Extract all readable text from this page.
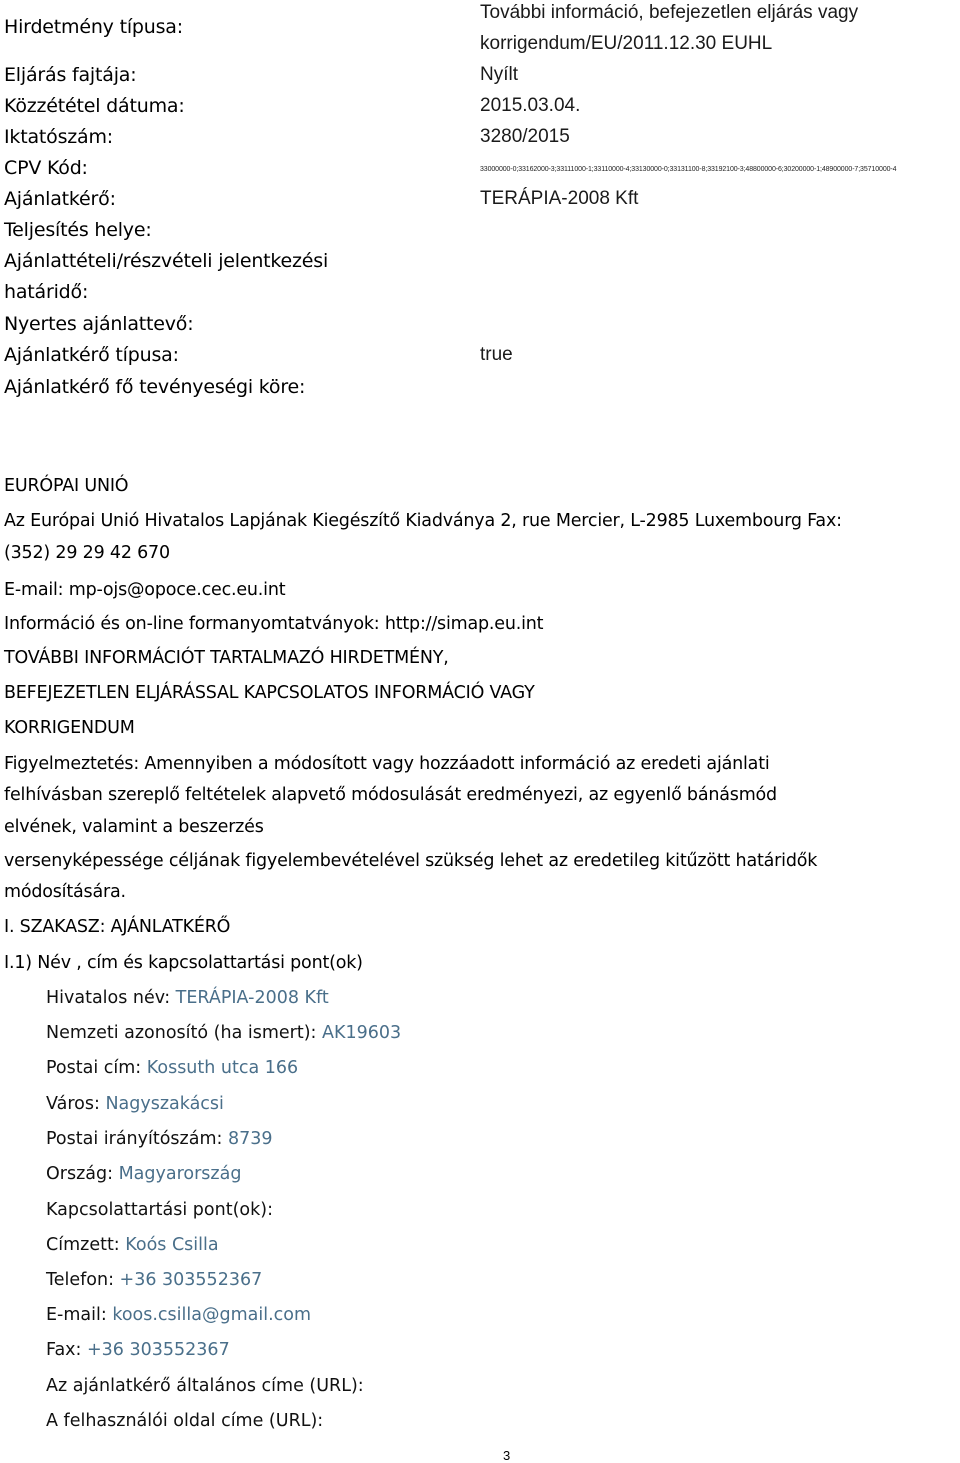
Hirdetmény típusa:
További információ, befejezetlen eljárás vagy
korrigendum/EU/2011.12.30 EUHL
Eljárás fajtája:	Nyílt
Közzététel dátuma:	2015.03.04.
Iktatószám:	3280/2015
CPV Kód:	33000000-0;33162000-3;33111000-1;33110000-4;33130000-0;33131100-8;33192100-3;48800000-6;30200000-1;48900000-7;35710000-4
Ajánlatkérő:	TERÁPIA-2008 Kft
Teljesítés helye:
Ajánlattételi/részvételi jelentkezési
határidő:
Nyertes ajánlattevő:
Ajánlatkérő típusa:	true
Ajánlatkérő fő tevényeségi köre:
EURÓPAI UNIÓ
Az Európai Unió Hivatalos Lapjának Kiegészítő Kiadványa 2, rue Mercier, L-2985 Luxembourg Fax:
(352) 29 29 42 670
E-mail: mp-ojs@opoce.cec.eu.int
Információ és on-line formanyomtatványok: http://simap.eu.int
TOVÁBBI INFORMÁCIÓT TARTALMAZÓ HIRDETMÉNY,
BEFEJEZETLEN ELJÁRÁSSAL KAPCSOLATOS INFORMÁCIÓ VAGY
KORRIGENDUM
Figyelmeztetés: Amennyiben a módosított vagy hozzáadott információ az eredeti ajánlati
felhívásban szereplő feltételek alapvető módosulását eredményezi, az egyenlő bánásmód
elvének, valamint a beszerzés
versenyképessége céljának figyelembevételével szükség lehet az eredetileg kitűzött határidők
módosítására.
I. SZAKASZ: AJÁNLATKÉRŐ
I.1) Név , cím és kapcsolattartási pont(ok)
Hivatalos név: TERÁPIA-2008 Kft
Nemzeti azonosító (ha ismert): AK19603
Postai cím: Kossuth utca 166
Város: Nagyszakácsi
Postai irányítószám: 8739
Ország: Magyarország
Kapcsolattartási pont(ok):
Címzett: Koós Csilla
Telefon: +36 303552367
E-mail: koos.csilla@gmail.com
Fax: +36 303552367
Az ajánlatkérő általános címe (URL):
A felhasználói oldal címe (URL):
3
